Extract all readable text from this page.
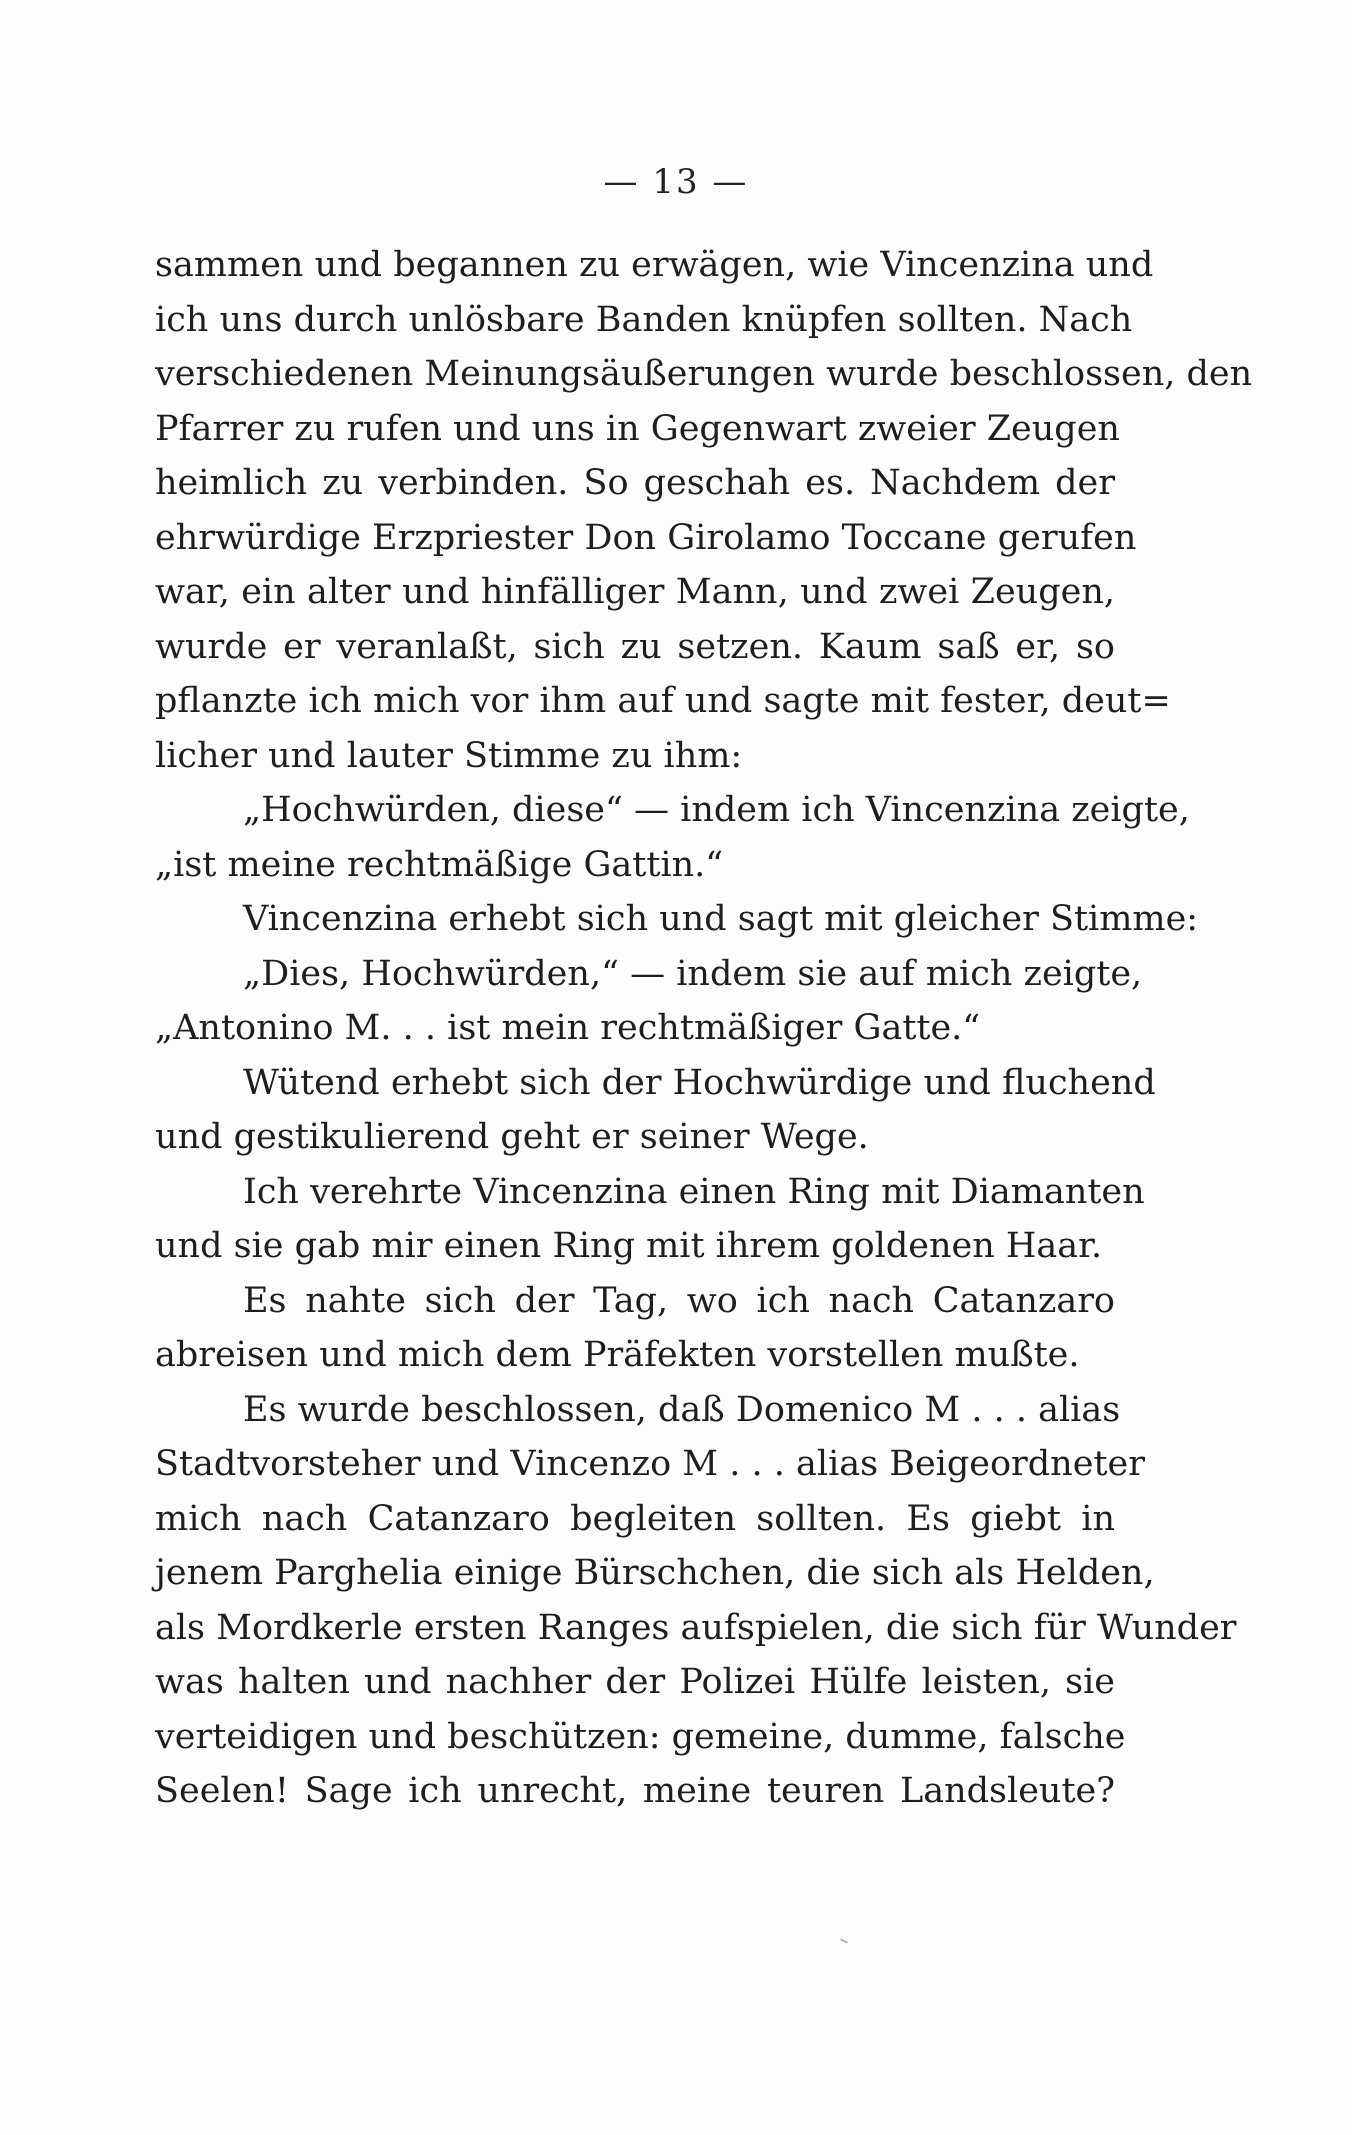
— 13 —
sammen und begannen zu erwägen, wie Vincenzina und
ich uns durch unlösbare Banden knüpfen sollten. Nach
verschiedenen Meinungsäußerungen wurde beschlossen, den
Pfarrer zu rufen und uns in Gegenwart zweier Zeugen
heimlich zu verbinden. So geschah es. Nachdem der
ehrwürdige Erzpriester Don Girolamo Toccane gerufen
war, ein alter und hinfälliger Mann, und zwei Zeugen,
wurde er veranlaßt, sich zu setzen. Kaum saß er, so
pflanzte ich mich vor ihm auf und sagte mit fester, deut=
licher und lauter Stimme zu ihm:
„Hochwürden, diese“ — indem ich Vincenzina zeigte,
„ist meine rechtmäßige Gattin.“
Vincenzina erhebt sich und sagt mit gleicher Stimme:
„Dies, Hochwürden,“ — indem sie auf mich zeigte,
„Antonino M. . . ist mein rechtmäßiger Gatte.“
Wütend erhebt sich der Hochwürdige und fluchend
und gestikulierend geht er seiner Wege.
Ich verehrte Vincenzina einen Ring mit Diamanten
und sie gab mir einen Ring mit ihrem goldenen Haar.
Es nahte sich der Tag, wo ich nach Catanzaro
abreisen und mich dem Präfekten vorstellen mußte.
Es wurde beschlossen, daß Domenico M . . . alias
Stadtvorsteher und Vincenzo M . . . alias Beigeordneter
mich nach Catanzaro begleiten sollten. Es giebt in
jenem Parghelia einige Bürschchen, die sich als Helden,
als Mordkerle ersten Ranges aufspielen, die sich für Wunder
was halten und nachher der Polizei Hülfe leisten, sie
verteidigen und beschützen: gemeine, dumme, falsche
Seelen! Sage ich unrecht, meine teuren Landsleute?
